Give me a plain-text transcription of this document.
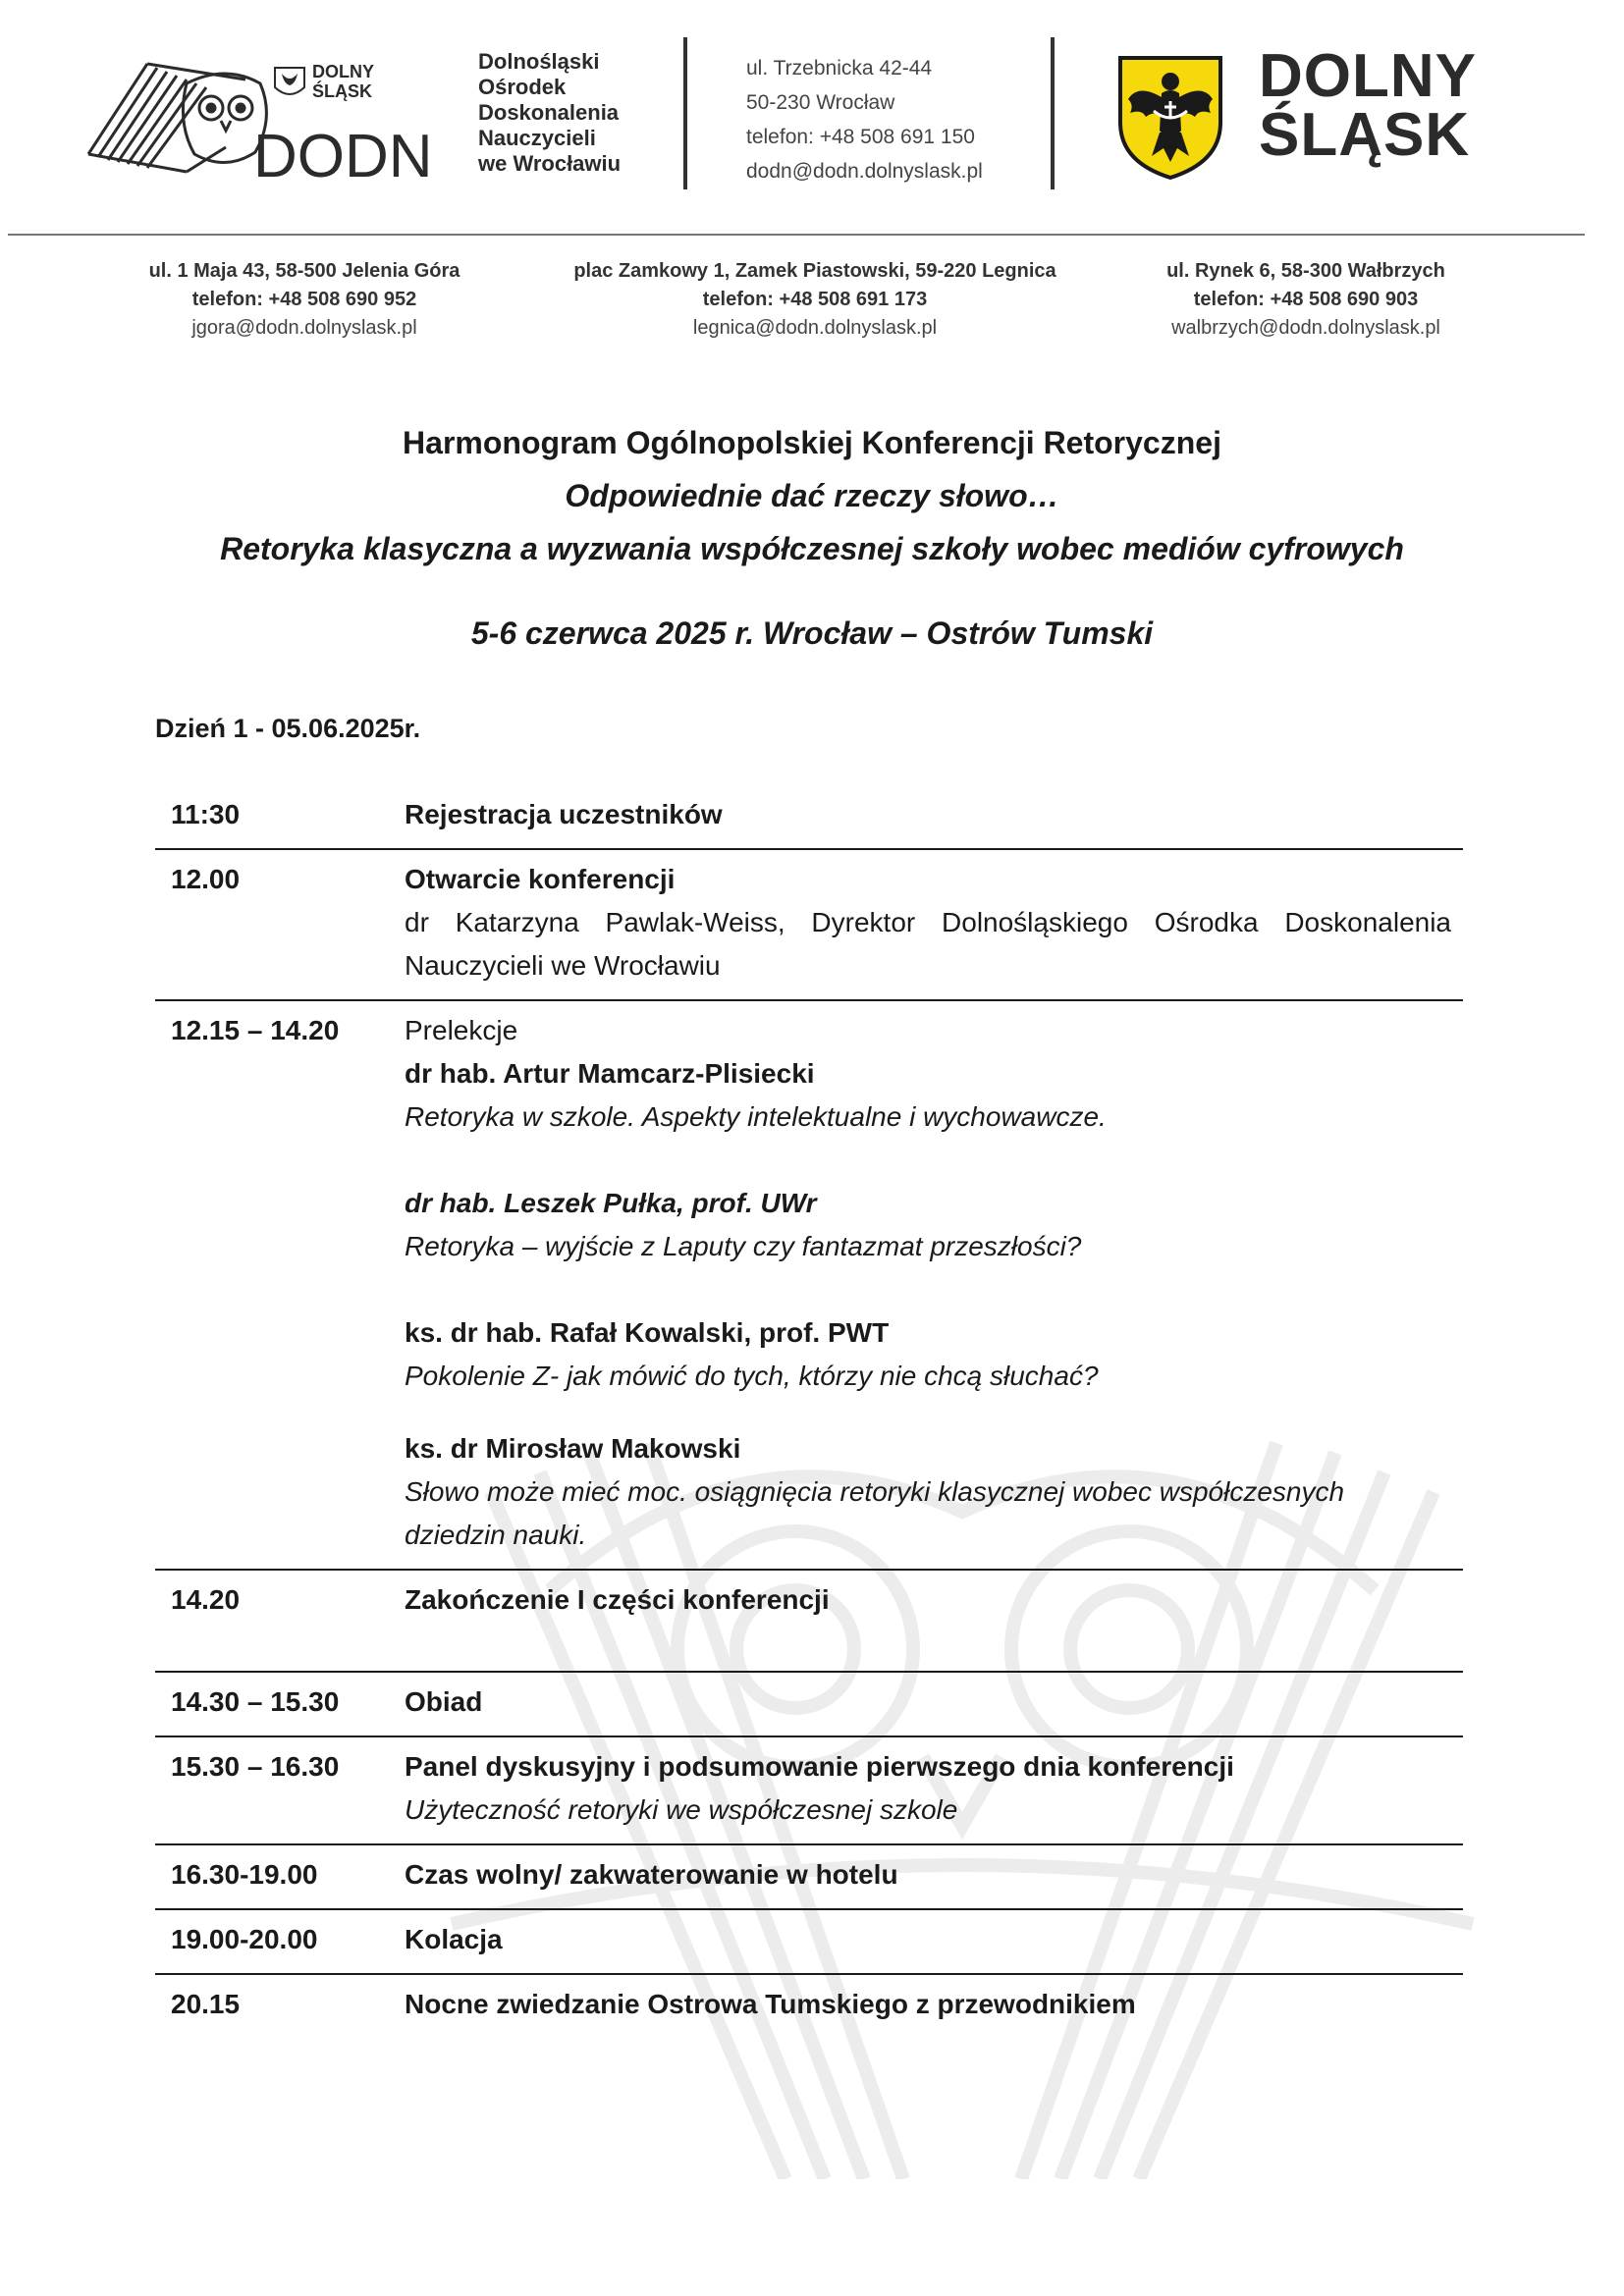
DOLNY
ŚLĄSK
DODN
Dolnośląski
Ośrodek
Doskonalenia
Nauczycieli
we Wrocławiu
ul. Trzebnicka 42-44
50-230 Wrocław
telefon: +48 508 691 150
dodn@dodn.dolnyslask.pl
DOLNY
ŚLĄSK
ul. 1 Maja 43, 58-500 Jelenia Góra
telefon: +48 508 690 952
jgora@dodn.dolnyslask.pl
plac Zamkowy 1, Zamek Piastowski, 59-220 Legnica
telefon: +48 508 691 173
legnica@dodn.dolnyslask.pl
ul. Rynek 6, 58-300 Wałbrzych
telefon: +48 508 690 903
walbrzych@dodn.dolnyslask.pl
Harmonogram Ogólnopolskiej Konferencji Retorycznej
Odpowiednie dać rzeczy słowo…
Retoryka klasyczna a wyzwania współczesnej szkoły wobec mediów cyfrowych
5-6 czerwca 2025 r. Wrocław – Ostrów Tumski
Dzień 1 - 05.06.2025r.
11:30	Rejestracja uczestników
12.00	Otwarcie konferencji
dr Katarzyna Pawlak-Weiss, Dyrektor Dolnośląskiego Ośrodka Doskonalenia Nauczycieli we Wrocławiu
12.15 – 14.20 Prelekcje
dr hab. Artur Mamcarz-Plisiecki
Retoryka w szkole. Aspekty intelektualne i wychowawcze.
dr hab. Leszek Pułka, prof. UWr
Retoryka – wyjście z Laputy czy fantazmat przeszłości?
ks. dr hab. Rafał Kowalski, prof. PWT
Pokolenie Z- jak mówić do tych, którzy nie chcą słuchać?
ks. dr Mirosław Makowski
Słowo może mieć moc. osiągnięcia retoryki klasycznej wobec współczesnych dziedzin nauki.
14.20	Zakończenie I części konferencji
14.30 – 15.30 Obiad
15.30 – 16.30 Panel dyskusyjny i podsumowanie pierwszego dnia konferencji
Użyteczność retoryki we współczesnej szkole
16.30-19.00	Czas wolny/ zakwaterowanie w hotelu
19.00-20.00	Kolacja
20.15	Nocne zwiedzanie Ostrowa Tumskiego z przewodnikiem
